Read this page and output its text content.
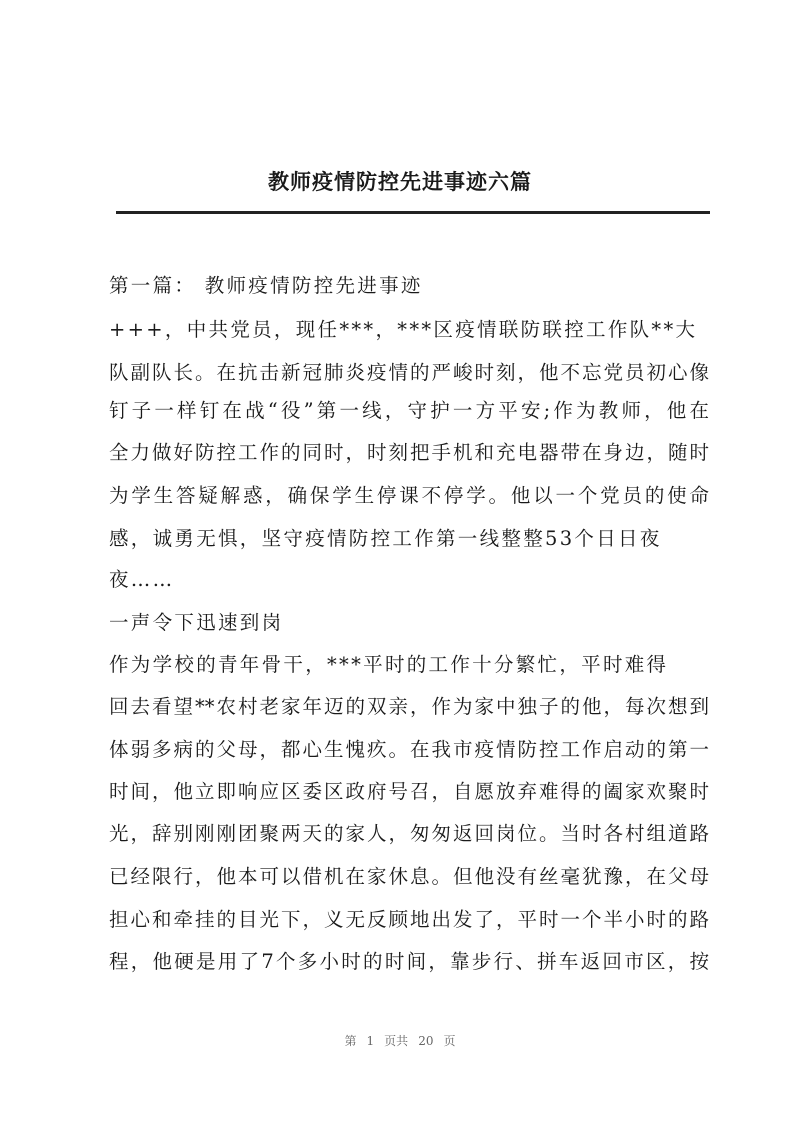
教师疫情防控先进事迹六篇
第一篇： 教师疫情防控先进事迹
+++，中共党员，现任***，***区疫情联防联控工作队**大
队副队长。在抗击新冠肺炎疫情的严峻时刻，他不忘党员初心像
钉子一样钉在战“役”第一线，守护一方平安;作为教师，他在
全力做好防控工作的同时，时刻把手机和充电器带在身边，随时
为学生答疑解惑，确保学生停课不停学。他以一个党员的使命
感，诚勇无惧，坚守疫情防控工作第一线整整53个日日夜
夜……
一声令下迅速到岗
作为学校的青年骨干，***平时的工作十分繁忙，平时难得
回去看望**农村老家年迈的双亲，作为家中独子的他，每次想到
体弱多病的父母，都心生愧疚。在我市疫情防控工作启动的第一
时间，他立即响应区委区政府号召，自愿放弃难得的阖家欢聚时
光，辞别刚刚团聚两天的家人，匆匆返回岗位。当时各村组道路
已经限行，他本可以借机在家休息。但他没有丝毫犹豫，在父母
担心和牵挂的目光下，义无反顾地出发了，平时一个半小时的路
程，他硬是用了7个多小时的时间，靠步行、拼车返回市区，按
第 1 页共 20 页
